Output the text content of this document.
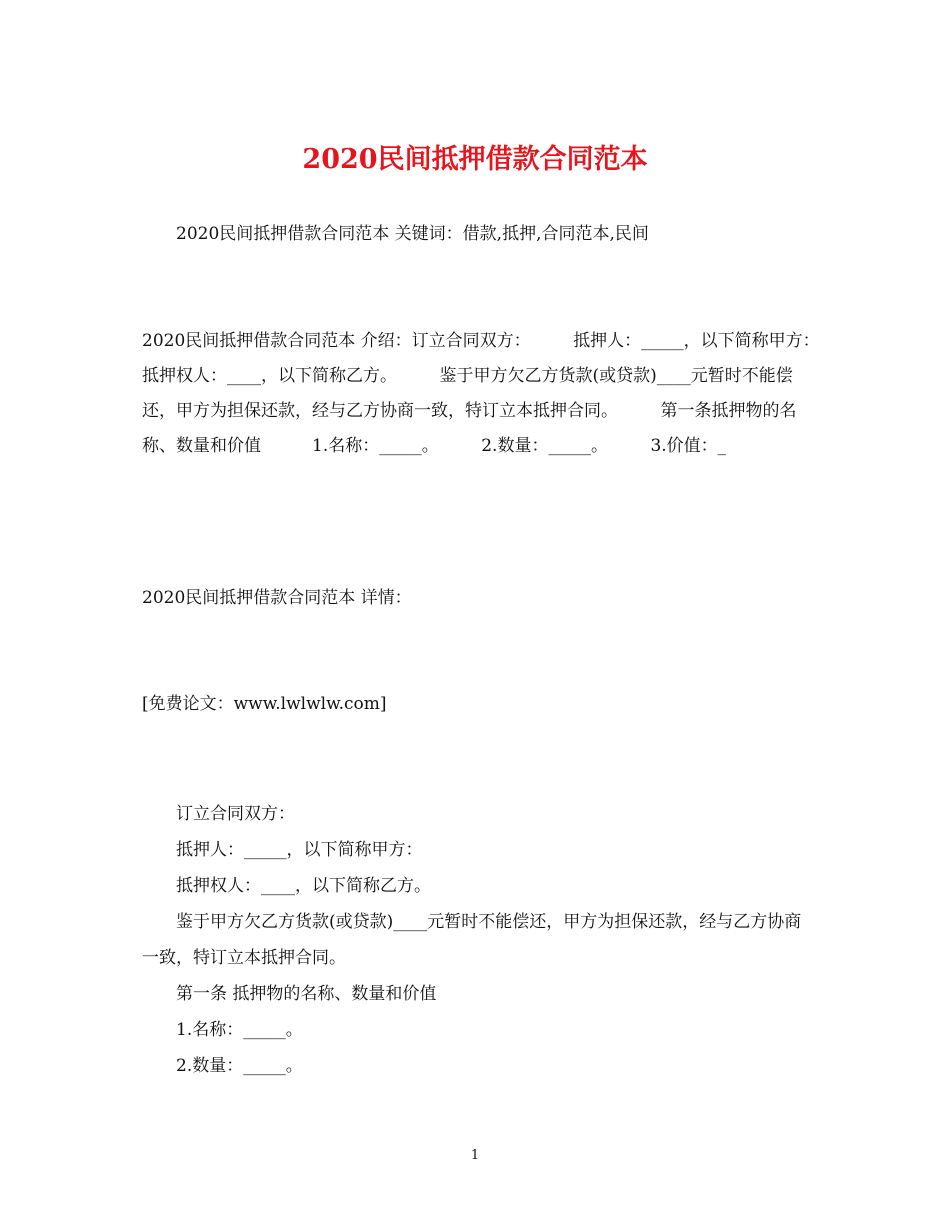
2020民间抵押借款合同范本
2020民间抵押借款合同范本 关键词：借款,抵押,合同范本,民间
2020民间抵押借款合同范本 介绍：订立合同双方：　　　抵押人：_____，以下简称甲方：　　　抵押权人：____，以下简称乙方。　　　鉴于甲方欠乙方货款(或贷款)____元暂时不能偿还，甲方为担保还款，经与乙方协商一致，特订立本抵押合同。　　　第一条抵押物的名称、数量和价值　　　1.名称：_____。　　　2.数量：_____。　　　3.价值：_
2020民间抵押借款合同范本 详情：
[免费论文：www.lwlwlw.com]

订立合同双方：

抵押人：_____，以下简称甲方：

抵押权人：____，以下简称乙方。

鉴于甲方欠乙方货款(或贷款)____元暂时不能偿还，甲方为担保还款，经与乙方协商一致，特订立本抵押合同。

第一条 抵押物的名称、数量和价值

1.名称：_____。

2.数量：_____。

1
